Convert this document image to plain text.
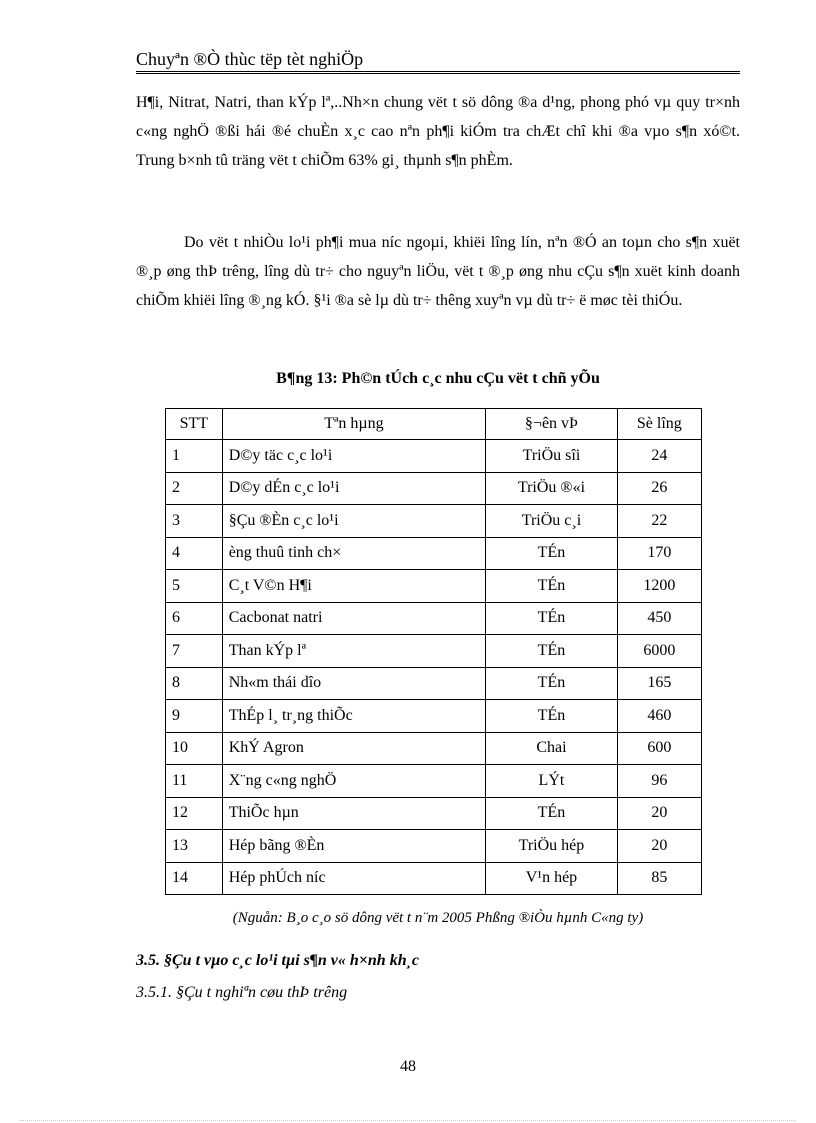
Chuyªn ®Ò thùc tëp tèt nghiÖp

H¶i, Nitrat, Natri, than kÝp lª,..Nh×n chung vët t sö dông ®a d¹ng, phong phó vµ quy tr×nh c«ng nghÖ ®ßi hái ®é chuÈn x¸c cao nªn ph¶i kiÓm tra chÆt chî khi ®a vµo s¶n xó©t. Trung b×nh tû träng vët t chiÕm 63% gi¸ thµnh s¶n phÈm.

Do vët t nhiÒu lo¹i ph¶i mua níc ngoµi, khiëi lîng lín, nªn ®Ó an toµn cho s¶n xuët ®¸p øng thÞ trêng, lîng dù tr÷ cho nguyªn liÖu, vët t ®¸p øng nhu cÇu s¶n xuët kinh doanh chiÕm khiëi lîng ®¸ng kÓ. §¹i ®a sè lµ dù tr÷ thêng xuyªn vµ dù tr÷ ë møc tèi thiÓu.

B¶ng 13: Ph©n tÚch c¸c nhu cÇu vët t chñ yÕu
STT	Tªn hµng	§¬ên vÞ	Sè lîng
1	D©y täc c¸c lo¹i	TriÖu sîi	24
2	D©y dÉn c¸c lo¹i	TriÖu ®«i	26
3	§Çu ®Èn c¸c lo¹i	TriÖu c¸i	22
4	èng thuû tinh ch×	TÉn	170
5	C¸t V©n H¶i	TÉn	1200
6	Cacbonat natri	TÉn	450
7	Than kÝp lª	TÉn	6000
8	Nh«m thái dîo	TÉn	165
9	ThÉp l¸ tr¸ng thiÕc	TÉn	460
10	KhÝ Agron	Chai	600
11	X¨ng c«ng nghÖ	LÝt	96
12	ThiÕc hµn	TÉn	20
13	Hép bãng ®Èn	TriÖu hép	20
14	Hép phÚch níc	V¹n hép	85
(Nguån: B¸o c¸o sö dông vët t n¨m 2005 Phßng ®iÒu hµnh C«ng ty)
3.5. §Çu t vµo c¸c lo¹i tµi s¶n v« h×nh kh¸c
3.5.1. §Çu t nghiªn cøu thÞ trêng
48
